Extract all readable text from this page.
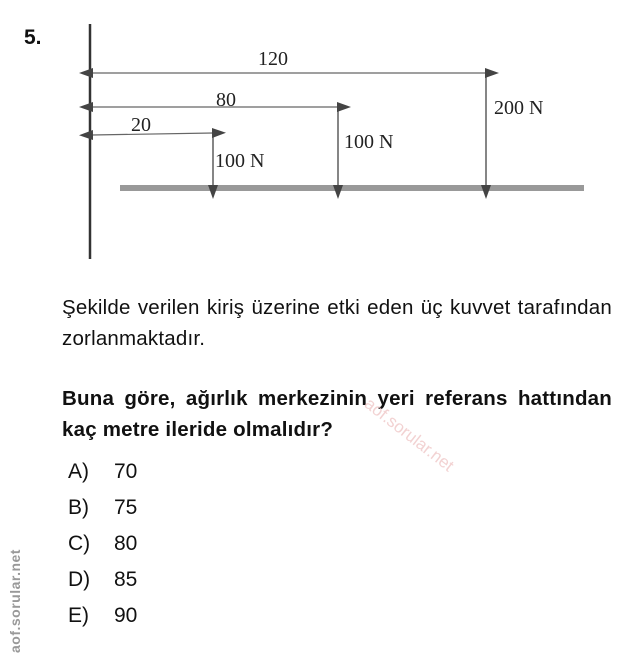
5.
120
80
20
200 N
100 N
100 N
Şekilde verilen kiriş üzerine etki eden üç kuvvet tarafından zorlanmaktadır.
Buna göre, ağırlık merkezinin yeri referans hattından kaç metre ileride olmalıdır?
A)	70
B)	75
C)	80
D)	85
E)	90
aof.sorular.net
aof.sorular.net
